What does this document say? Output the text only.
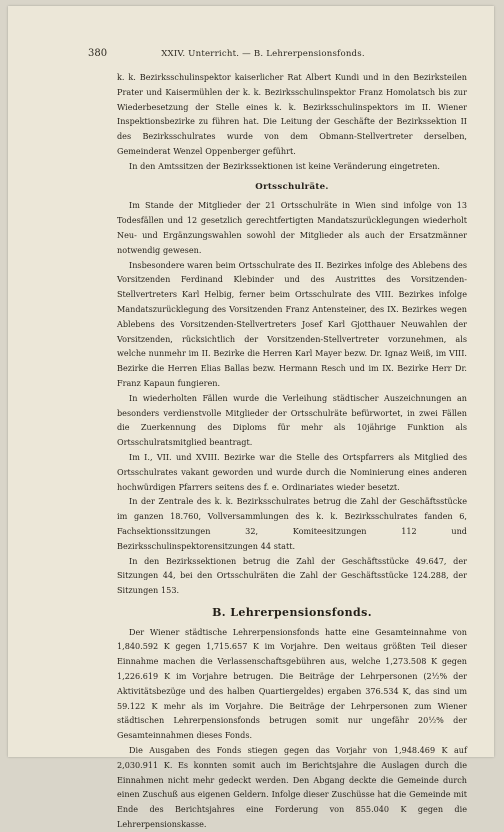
380	XXIV. Unterricht. — B. Lehrerpensionsfonds.

k. k. Bezirksschulinspektor kaiserlicher Rat Albert Kundi und in den Bezirksteilen Prater und Kaisermühlen der k. k. Bezirksschulinspektor Franz Homolatsch bis zur Wiederbesetzung der Stelle eines k. k. Bezirksschulinspektors im II. Wiener Inspektionsbezirke zu führen hat. Die Leitung der Geschäfte der Bezirkssektion II des Bezirksschulrates wurde von dem Obmann-Stellvertreter derselben, Gemeinderat Wenzel Oppenberger geführt.

In den Amtssitzen der Bezirkssektionen ist keine Veränderung eingetreten.

Ortsschulräte.

Im Stande der Mitglieder der 21 Ortsschulräte in Wien sind infolge von 13 Todesfällen und 12 gesetzlich gerechtfertigten Mandatszurücklegungen wiederholt Neu- und Ergänzungswahlen sowohl der Mitglieder als auch der Ersatzmänner notwendig gewesen.

Insbesondere waren beim Ortsschulrate des II. Bezirkes infolge des Ablebens des Vorsitzenden Ferdinand Klebinder und des Austrittes des Vorsitzenden-Stellvertreters Karl Helbig, ferner beim Ortsschulrate des VIII. Bezirkes infolge Mandatszurücklegung des Vorsitzenden Franz Antensteiner, des IX. Bezirkes wegen Ablebens des Vorsitzenden-Stellvertreters Josef Karl Gjotthauer Neuwahlen der Vorsitzenden, rücksichtlich der Vorsitzenden-Stellvertreter vorzunehmen, als welche nunmehr im II. Bezirke die Herren Karl Mayer bezw. Dr. Ignaz Weiß, im VIII. Bezirke die Herren Elias Ballas bezw. Hermann Resch und im IX. Bezirke Herr Dr. Franz Kapaun fungieren.

In wiederholten Fällen wurde die Verleihung städtischer Auszeichnungen an besonders verdienstvolle Mitglieder der Ortsschulräte befürwortet, in zwei Fällen die Zuerkennung des Diploms für mehr als 10jährige Funktion als Ortsschulratsmitglied beantragt.

Im I., VII. und XVIII. Bezirke war die Stelle des Ortspfarrers als Mitglied des Ortsschulrates vakant geworden und wurde durch die Nominierung eines anderen hochwürdigen Pfarrers seitens des f. e. Ordinariates wieder besetzt.

In der Zentrale des k. k. Bezirksschulrates betrug die Zahl der Geschäftsstücke im ganzen 18.760, Vollversammlungen des k. k. Bezirksschulrates fanden 6, Fachsektionssitzungen 32, Komiteesitzungen 112 und Bezirksschulinspektorensitzungen 44 statt.

In den Bezirkssektionen betrug die Zahl der Geschäftsstücke 49.647, der Sitzungen 44, bei den Ortsschulräten die Zahl der Geschäftsstücke 124.288, der Sitzungen 153.

B. Lehrerpensionsfonds.

Der Wiener städtische Lehrerpensionsfonds hatte eine Gesamteinnahme von 1,840.592 K gegen 1,715.657 K im Vorjahre. Den weitaus größten Teil dieser Einnahme machen die Verlassenschaftsgebühren aus, welche 1,273.508 K gegen 1,226.619 K im Vorjahre betrugen. Die Beiträge der Lehrpersonen (2½% der Aktivitätsbezüge und des halben Quartiergeldes) ergaben 376.534 K, das sind um 59.122 K mehr als im Vorjahre. Die Beiträge der Lehrpersonen zum Wiener städtischen Lehrerpensionsfonds betrugen somit nur ungefähr 20½% der Gesamteinnahmen dieses Fonds.

Die Ausgaben des Fonds stiegen gegen das Vorjahr von 1,948.469 K auf 2,030.911 K. Es konnten somit auch im Berichtsjahre die Auslagen durch die Einnahmen nicht mehr gedeckt werden. Den Abgang deckte die Gemeinde durch einen Zuschuß aus eigenen Geldern. Infolge dieser Zuschüsse hat die Gemeinde mit Ende des Berichtsjahres eine Forderung von 855.040 K gegen die Lehrerpensionskasse.
